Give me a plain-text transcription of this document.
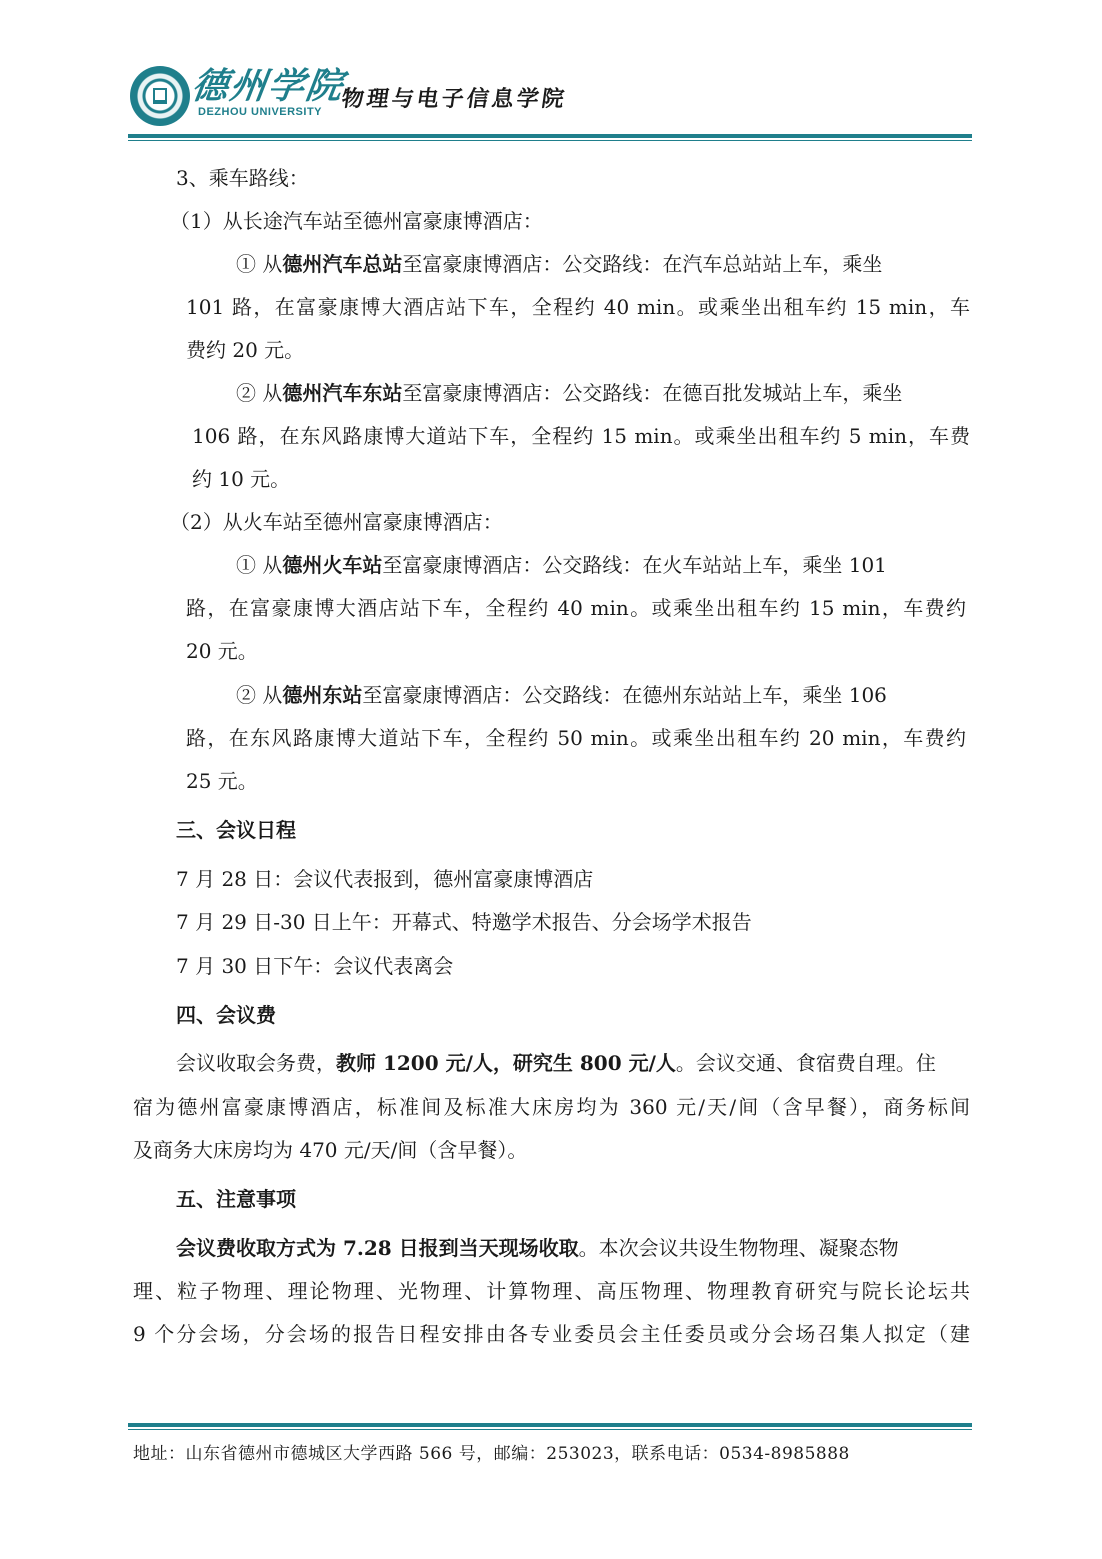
德州学院
DEZHOU UNIVERSITY 物理与电子信息学院
3、乘车路线：
（1）从长途汽车站至德州富豪康博酒店：
① 从德州汽车总站至富豪康博酒店：公交路线：在汽车总站站上车，乘坐
101 路，在富豪康博大酒店站下车，全程约 40 min。或乘坐出租车约 15 min，车
费约 20 元。
② 从德州汽车东站至富豪康博酒店：公交路线：在德百批发城站上车，乘坐
106 路，在东风路康博大道站下车，全程约 15 min。或乘坐出租车约 5 min，车费
约 10 元。
（2）从火车站至德州富豪康博酒店：
① 从德州火车站至富豪康博酒店：公交路线：在火车站站上车，乘坐 101
路，在富豪康博大酒店站下车，全程约 40 min。或乘坐出租车约 15 min，车费约
20 元。
② 从德州东站至富豪康博酒店：公交路线：在德州东站站上车，乘坐 106
路，在东风路康博大道站下车，全程约 50 min。或乘坐出租车约 20 min，车费约
25 元。
三、会议日程
7 月 28 日：会议代表报到，德州富豪康博酒店
7 月 29 日-30 日上午：开幕式、特邀学术报告、分会场学术报告
7 月 30 日下午：会议代表离会
四、会议费
会议收取会务费，教师 1200 元/人，研究生 800 元/人。会议交通、食宿费自理。住
宿为德州富豪康博酒店，标准间及标准大床房均为 360 元/天/间（含早餐），商务标间
及商务大床房均为 470 元/天/间（含早餐）。
五、注意事项
会议费收取方式为 7.28 日报到当天现场收取。本次会议共设生物物理、凝聚态物
理、粒子物理、理论物理、光物理、计算物理、高压物理、物理教育研究与院长论坛共
9 个分会场，分会场的报告日程安排由各专业委员会主任委员或分会场召集人拟定（建
地址：山东省德州市德城区大学西路 566 号，邮编：253023，联系电话：0534-8985888
